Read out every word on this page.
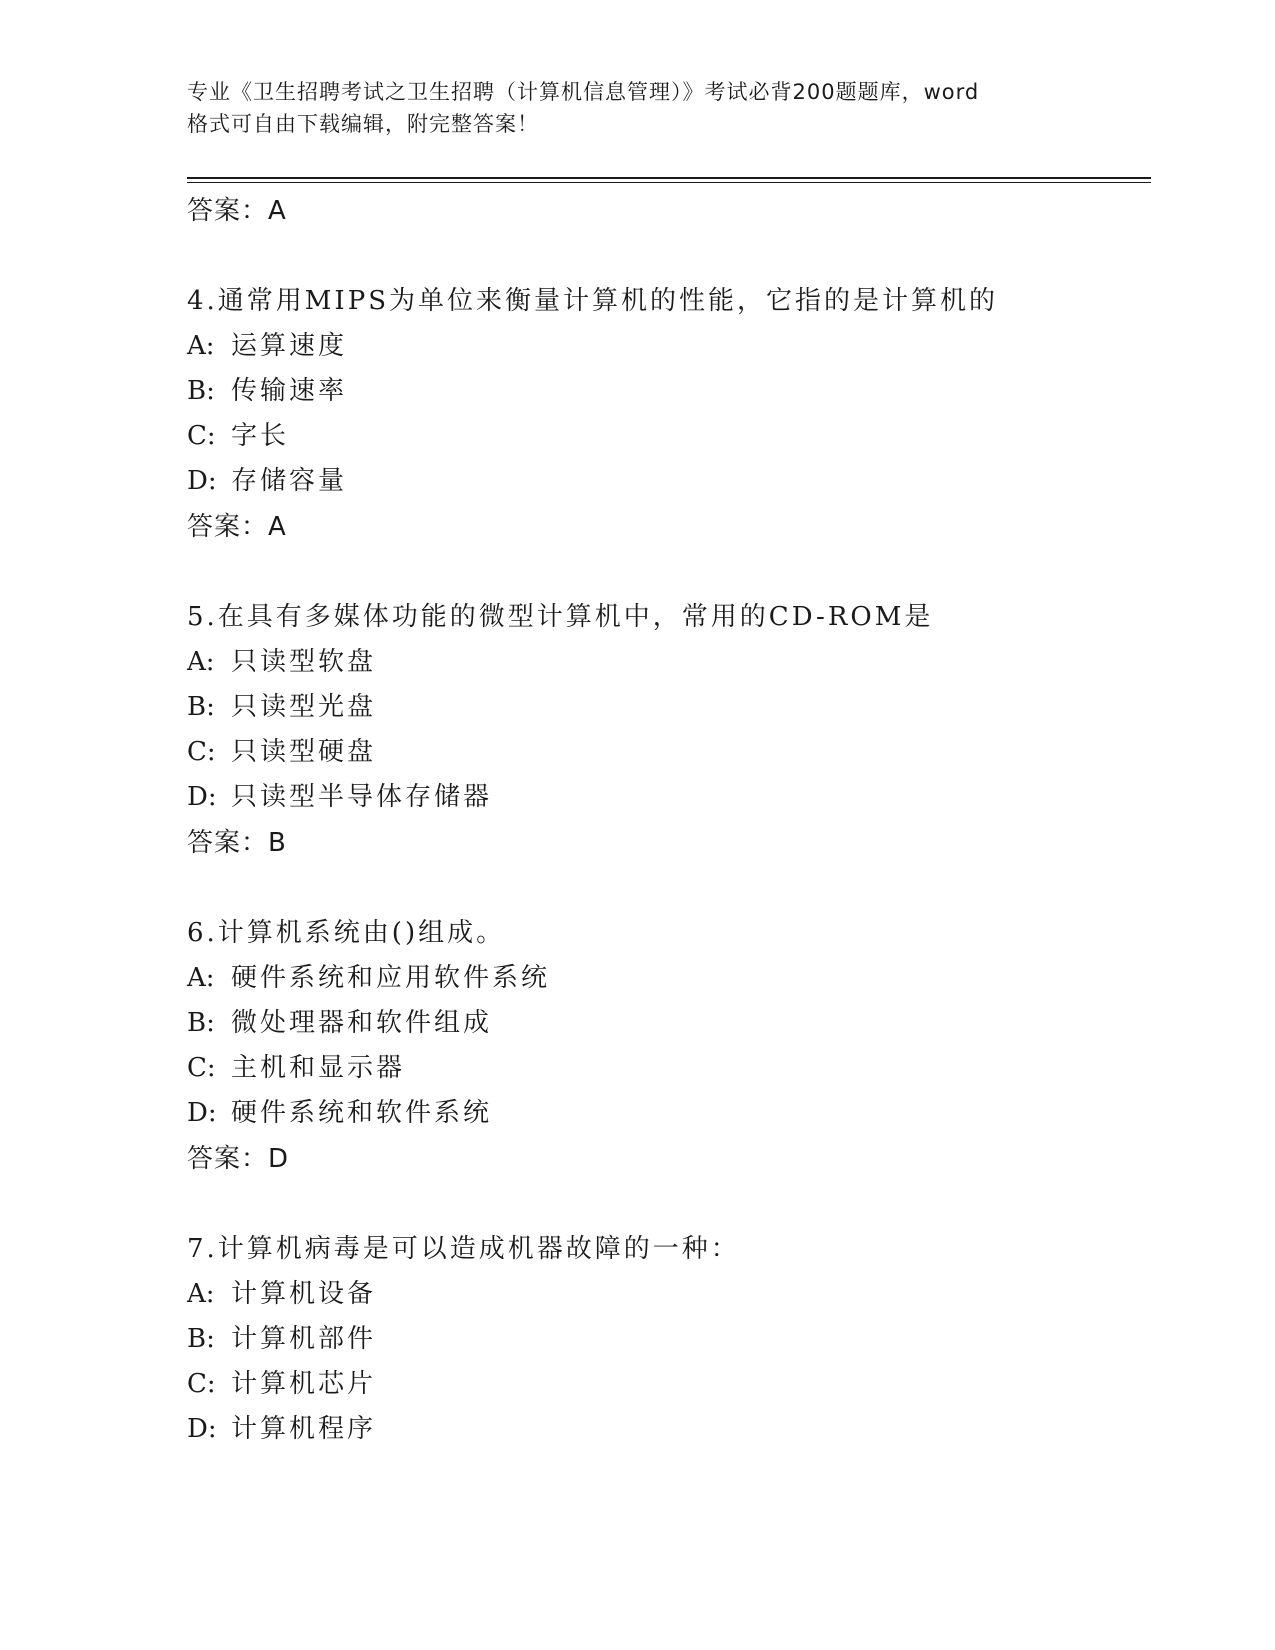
专业《卫生招聘考试之卫生招聘（计算机信息管理）》考试必背200题题库，word
格式可自由下载编辑，附完整答案！
答案：A
4.通常用MIPS为单位来衡量计算机的性能，它指的是计算机的
A: 运算速度
B: 传输速率
C: 字长
D: 存储容量
答案：A
5.在具有多媒体功能的微型计算机中，常用的CD-ROM是
A: 只读型软盘
B: 只读型光盘
C: 只读型硬盘
D: 只读型半导体存储器
答案：B
6.计算机系统由()组成。
A: 硬件系统和应用软件系统
B: 微处理器和软件组成
C: 主机和显示器
D: 硬件系统和软件系统
答案：D
7.计算机病毒是可以造成机器故障的一种：
A: 计算机设备
B: 计算机部件
C: 计算机芯片
D: 计算机程序
